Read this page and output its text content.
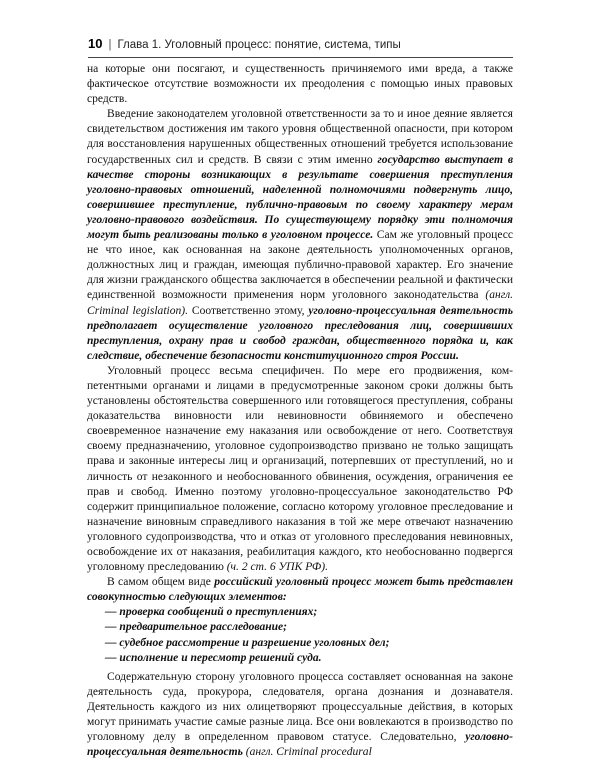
10 | Глава 1. Уголовный процесс: понятие, система, типы

на которые они посягают, и существенность причиняемого ими вреда, а также фактическое отсутствие возможности их преодоления с помощью иных правовых средств.

Введение законодателем уголовной ответственности за то и иное деяние является свидетельством достижения им такого уровня общественной опасности, при котором для восстановления нарушенных общественных отношений требуется использование государственных сил и средств. В связи с этим именно государство выступает в качестве стороны возникающих в результате совершения преступления уголовно-правовых отношений, наделенной полномочиями подвергнуть лицо, совершившее преступление, публично-правовым по своему характеру мерам уголовно-правового воздействия. По существующему порядку эти полномочия могут быть реализованы только в уголовном процессе. Сам же уголовный процесс не что иное, как основанная на законе деятельность уполномоченных органов, должностных лиц и граждан, имеющая публично-правовой характер. Его значение для жизни гражданского общества заключается в обеспечении реальной и фактически единственной возможности применения норм уголовного законодательства (англ. Criminal legislation). Соответственно этому, уголовно-процессуальная деятельность предполагает осуществление уголовного преследования лиц, совершивших преступления, охрану прав и свобод граждан, общественного порядка и, как следствие, обеспечение безопасности конституционного строя России.

Уголовный процесс весьма специфичен. По мере его продвижения, компетентными органами и лицами в предусмотренные законом сроки должны быть установлены обстоятельства совершенного или готовящегося преступления, собраны доказательства виновности или невиновности обвиняемого и обеспечено своевременное назначение ему наказания или освобождение от него. Соответствуя своему предназначению, уголовное судопроизводство призвано не только защищать права и законные интересы лиц и организаций, потерпевших от преступлений, но и личность от незаконного и необоснованного обвинения, осуждения, ограничения ее прав и свобод. Именно поэтому уголовно-процессуальное законодательство РФ содержит принципиальное положение, согласно которому уголовное преследование и назначение виновным справедливого наказания в той же мере отвечают назначению уголовного судопроизводства, что и отказ от уголовного преследования невиновных, освобождение их от наказания, реабилитация каждого, кто необоснованно подвергся уголовному преследованию (ч. 2 ст. 6 УПК РФ).

В самом общем виде российский уголовный процесс может быть представлен совокупностью следующих элементов:

— проверка сообщений о преступлениях;
— предварительное расследование;
— судебное рассмотрение и разрешение уголовных дел;
— исполнение и пересмотр решений суда.

Содержательную сторону уголовного процесса составляет основанная на законе деятельность суда, прокурора, следователя, органа дознания и дознавателя. Деятельность каждого из них олицетворяют процессуальные действия, в которых могут принимать участие самые разные лица. Все они вовлекаются в производство по уголовному делу в определенном правовом статусе. Следовательно, уголовно-процессуальная деятельность (англ. Criminal procedural
